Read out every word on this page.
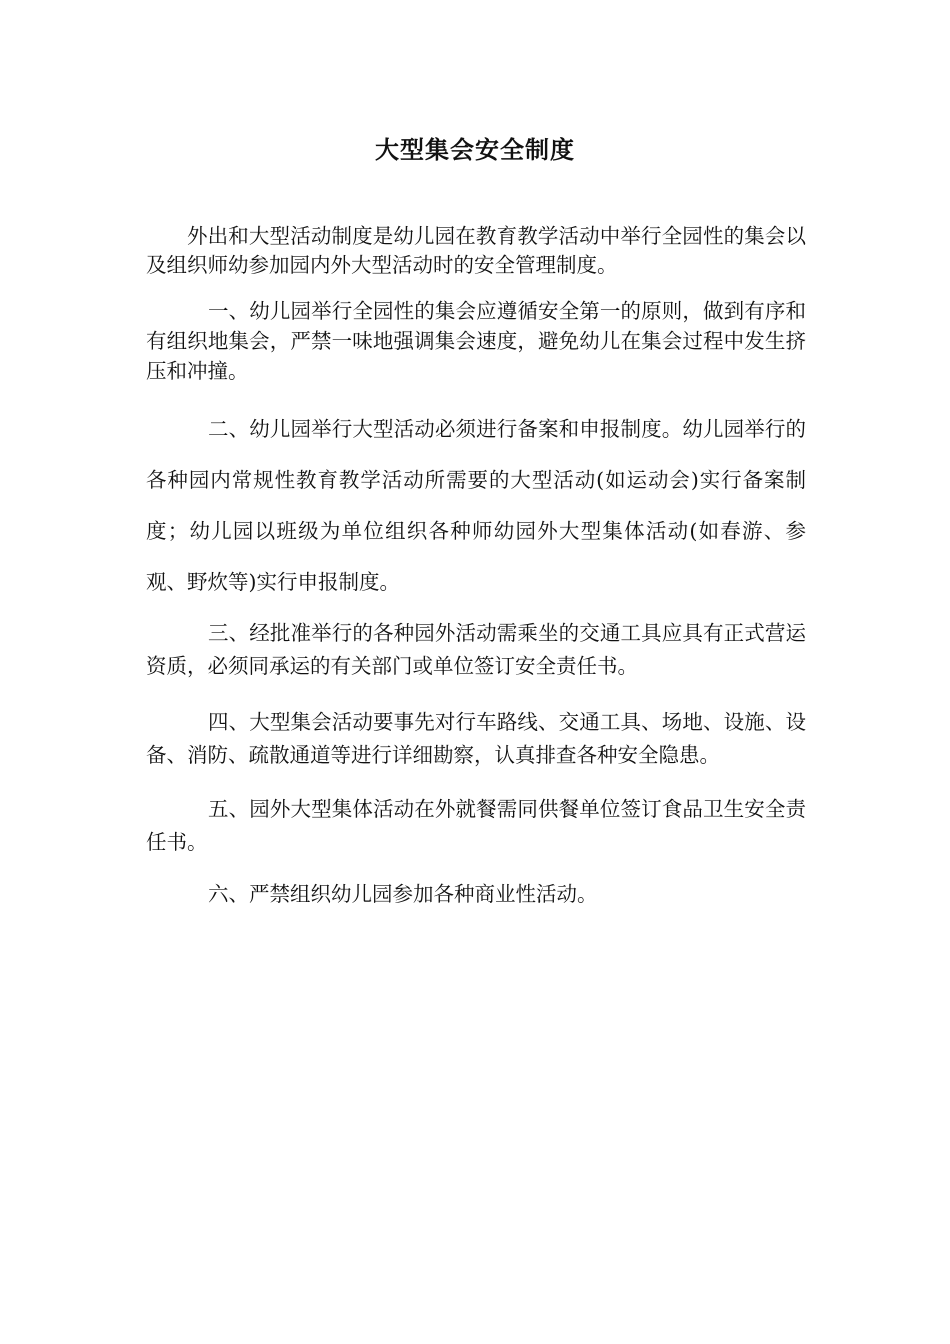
大型集会安全制度

外出和大型活动制度是幼儿园在教育教学活动中举行全园性的集会以及组织师幼参加园内外大型活动时的安全管理制度。

一、幼儿园举行全园性的集会应遵循安全第一的原则，做到有序和有组织地集会，严禁一味地强调集会速度，避免幼儿在集会过程中发生挤压和冲撞。

二、幼儿园举行大型活动必须进行备案和申报制度。幼儿园举行的各种园内常规性教育教学活动所需要的大型活动(如运动会)实行备案制度；幼儿园以班级为单位组织各种师幼园外大型集体活动(如春游、参观、野炊等)实行申报制度。

三、经批准举行的各种园外活动需乘坐的交通工具应具有正式营运资质，必须同承运的有关部门或单位签订安全责任书。

四、大型集会活动要事先对行车路线、交通工具、场地、设施、设备、消防、疏散通道等进行详细勘察，认真排查各种安全隐患。

五、园外大型集体活动在外就餐需同供餐单位签订食品卫生安全责任书。

六、严禁组织幼儿园参加各种商业性活动。
